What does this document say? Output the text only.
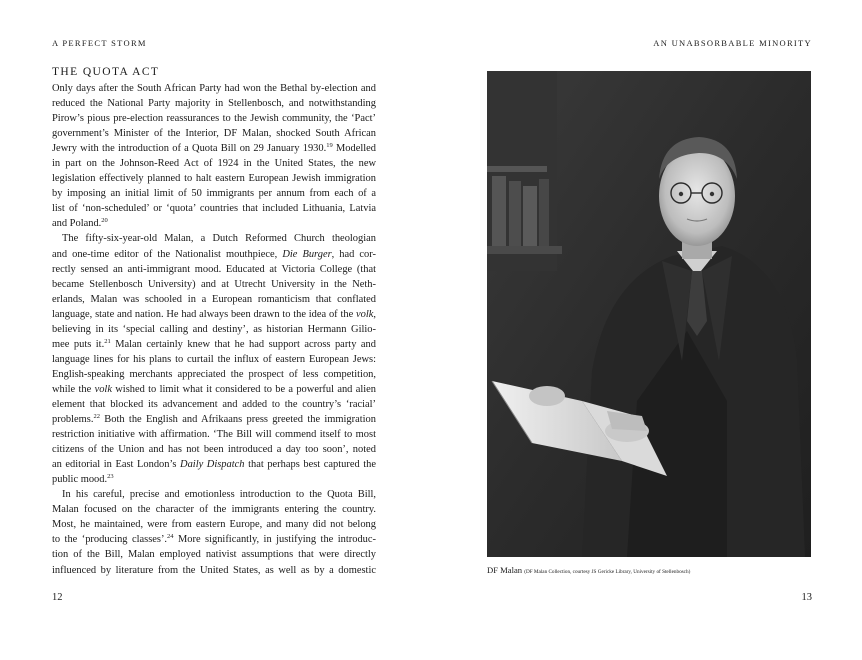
A PERFECT STORM
THE QUOTA ACT
Only days after the South African Party had won the Bethal by-election and
reduced the National Party majority in Stellenbosch, and notwithstanding
Pirow’s pious pre-election reassurances to the Jewish community, the ‘Pact’
government’s Minister of the Interior, DF Malan, shocked South African
Jewry with the introduction of a Quota Bill on 29 January 1930.19 Modelled
in part on the Johnson-Reed Act of 1924 in the United States, the new
legislation effectively planned to halt eastern European Jewish immigration
by imposing an initial limit of 50 immigrants per annum from each of a
list of ‘non-scheduled’ or ‘quota’ countries that included Lithuania, Latvia
and Poland.$^{20}$
The fifty-six-year-old Malan, a Dutch Reformed Church theologian
and one-time editor of the Nationalist mouthpiece, Die Burger, had cor-
rectly sensed an anti-immigrant mood. Educated at Victoria College (that
became Stellenbosch University) and at Utrecht University in the Neth-
erlands, Malan was schooled in a European romanticism that conflated
language, state and nation. He had always been drawn to the idea of the volk,
believing in its ‘special calling and destiny’, as historian Hermann Gilio-
mee puts it.$^{21}$ Malan certainly knew that he had support across party and
language lines for his plans to curtail the influx of eastern European Jews:
English-speaking merchants appreciated the prospect of less competition,
while the volk wished to limit what it considered to be a powerful and alien
element that blocked its advancement and added to the country’s ‘racial’
problems.$^{22}$ Both the English and Afrikaans press greeted the immigration
restriction initiative with affirmation. ‘The Bill will commend itself to most
citizens of the Union and has not been introduced a day too soon’, noted
an editorial in East London’s Daily Dispatch that perhaps best captured the
public mood.$^{23}$
In his careful, precise and emotionless introduction to the Quota Bill,
Malan focused on the character of the immigrants entering the country.
Most, he maintained, were from eastern Europe, and many did not belong
to the ‘producing classes’.$^{24}$ More significantly, in justifying the introduc-
tion of the Bill, Malan employed nativist assumptions that were directly
influenced by literature from the United States, as well as by a domestic
12
AN UNABSORBABLE MINORITY
DF Malan (DF Malan Collection, courtesy JS Gericke Library, University of Stellenbosch)
13
